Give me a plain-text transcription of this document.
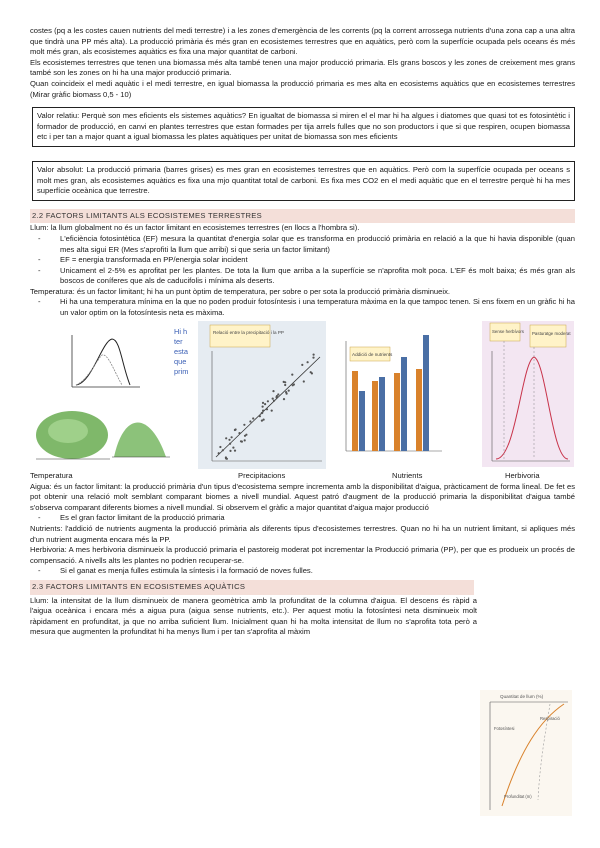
costes (pq a les costes cauen nutrients del medi terrestre) i a les zones d'emergència de les corrents (pq la corrent arrossega nutrients d'una zona cap a una altra que tindrà una PP més alta). La producció primària és més gran en ecosistemes terrestres que en aquàtics, però com la superfície ocupada pels oceans és més molt més gran, als ecosistemes aquàtics es fixa una major quantitat de carboni.

Els ecosistemes terrestres que tenen una biomassa més alta també tenen una major producció primaria. Els grans boscos y les zones de creixement mes grans també son les zones on hi ha una major producció primaria.

Quan coincideix el medi aquàtic i el medi terrestre, en igual biomassa la producció primaria es mes alta en ecosistems aquàtics que en ecosistemes terrestres (Mirar gràfic biomass 0,5 - 10)

Valor relatiu: Perquè son mes eficients els sistemes aquàtics? En igualtat de biomassa si miren el el mar hi ha algues i diatomes que quasi tot es fotosintètic i formador de producció, en canvi en plantes terrestres que estan formades per tija arrels fulles que no son productors i que si que respiren, ocupen biomassa etc i per tan a major quant a igual biomassa les plates aquàtiques per unitat de biomassa son mes eficients

Valor absolut: La producció primaria (barres grises) es mes gran en ecosistemes terrestres que en aquàtics. Però com la superfície ocupada per oceans s molt mes gran, als ecosistemes aquàtics es fixa una mjo quantitat total de carboni. Es fixa mes CO2 en el medi aquàtic que en el terrestre perquè hi ha mes superfície oceànica que terrestre.

2.2 FACTORS LIMITANTS ALS ECOSISTEMES TERRESTRES

Llum: la llum globalment no és un factor limitant en ecosistemes terrestres (en llocs a l'hombra si).

-	L'eficiència fotosintètica (EF) mesura la quantitat d'energia solar que es transforma en producció primària en relació a la que hi havia disponible (quan mes alta sigui ER (Mes s'aprofiti la llum que arribi) si que seria un factor limitant)
-	EF = energia transformada en PP/energia solar incident
-	Unicament el 2-5% es aprofitat per les plantes. De tota la llum que arriba a la superfície se n'aprofita molt poca. L'EF és molt baixa; és més gran als boscos de coníferes que als de caducifolis i mínima als deserts.

Temperatura: és un factor limitant; hi ha un punt òptim de temperatura, per sobre o per sota la producció primària disminueix.

-	Hi ha una temperatura mínima en la que no poden produir fotosíntesis i una temperatura màxima en la que tampoc tenen. Si ens fixem en un gràfic hi ha un valor optim on la fotosíntesis neta es màxima.
Hi h
ter
esta
que
prim
Relació entre la precipitació i la PP
Addició de nutrients
Sense herbívors Pasturatge moderat
Temperatura	Precipitacions	Nutrients	Herbivoria

Aigua: és un factor limitant: la producció primària d'un tipus d'ecosistema sempre incrementa amb la disponibilitat d'aigua, pràcticament de forma lineal. De fet es pot obtenir una relació molt semblant comparant biomes a nivell mundial. Aquest patró d'augment de la producció primaria la disponibilitat d'aigua també s'observa comparant diferents biomes a nivell mundial. Si observem el gràfic a major quantitat d'aigua major producció

-	Es el gran factor limitant de la producció primaria

Nutrients: l'addició de nutrients augmenta la producció primària als diferents tipus d'ecosistemes terrestres. Quan no hi ha un nutrient limitant, si apliques més d'un nutrient augmenta encara més la PP.

Herbivoria: A mes herbivoria disminueix la producció primaria el pastoreig moderat pot incrementar la Producció primaria (PP), per que es produeix un procés de compensació. A nivells alts les plantes no podrien recuperar-se.

-	Si el ganat es menja fulles estimula la síntesis i la formació de noves fulles.
2.3 FACTORS LIMITANTS EN ECOSISTEMES AQUÀTICS

Llum: la intensitat de la llum disminueix de manera geomètrica amb la profunditat de la columna d'aigua. El descens és ràpid a l'aigua oceànica i encara més a aigua pura (aigua sense nutrients, etc.). Per aquest motiu la fotosíntesi neta disminueix molt ràpidament en profunditat, ja que no arriba suficient llum. Inicialment quan hi ha molta intensitat de llum no s'aprofita tota però a mesura que augmenten la profunditat hi ha menys llum i per tan s'aprofita al màxim

Quantitat de llum (%)
Fotosíntesi
Respiració
Profunditat (m)
